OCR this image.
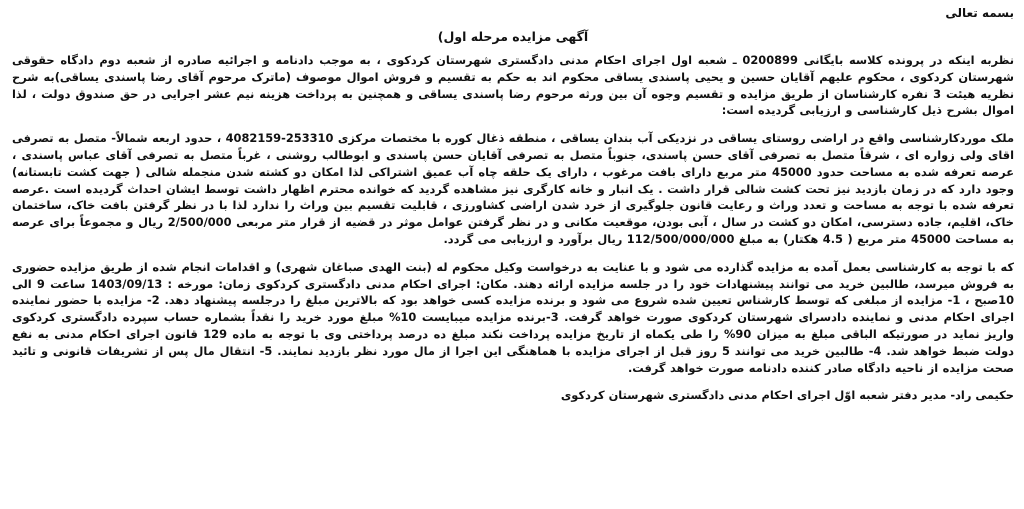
بسمه تعالی

آگهی مزایده مرحله اول)

نظربه اینکه در پرونده کلاسه بایگانی 0200899 ـ شعبه اول اجرای احکام مدنی دادگستری شهرستان کردکوی ، به موجب دادنامه و اجرائیه صادره از شعبه دوم دادگاه حقوقی شهرستان کردکوی ، محکوم علیهم آقایان حسین و یحیی پاسندی یساقی محکوم اند به حکم به تقسیم و فروش اموال موصوف (ماترک مرحوم آقای رضا پاسندی یساقی)به شرح نظریه هیئت 3 نفره کارشناسان از طریق مزایده و تقسیم وجوه آن بین ورثه مرحوم رضا پاسندی یساقی و همچنین به پرداخت هزینه نیم عشر اجرایی در حق صندوق دولت ، لذا اموال بشرح ذیل کارشناسی و ارزیابی گردیده است:

ملک موردکارشناسی واقع در اراضی روستای یساقی در نزدیکی آب بندان یساقی ، منطقه ذغال کوره با مختصات مرکزی 253310-4082159 ، حدود اربعه شمالاً- متصل به تصرفی اقای ولی زواره ای ، شرقاً متصل به تصرفی آقای حسن پاسندی، جنوباً متصل به تصرفی آقایان حسن پاسندی و ابوطالب روشنی ، غرباً متصل به تصرفی آقای عباس پاسندی ، عرصه تعرفه شده به مساحت حدود 45000 متر مربع دارای بافت مرغوب ، دارای یک حلقه چاه آب عمیق اشتراکی لذا امکان دو کشته شدن منجمله شالی ( جهت کشت تابستانه) وجود دارد که در زمان بازدید نیز تحت کشت شالی قرار داشت . یک انبار و خانه کارگری نیز مشاهده گردید که خوانده محترم اظهار داشت توسط ایشان احداث گردیده است .عرصه تعرفه شده با توجه به مساحت و تعدد وراث و رعایت قانون جلوگیری از خرد شدن اراضی کشاورزی ، قابلیت تقسیم بین وراث را ندارد لذا با در نظر گرفتن بافت خاک، ساختمان خاک، اقلیم، جاده دسترسی، امکان دو کشت در سال ، آبی بودن، موقعیت مکانی و در نظر گرفتن عوامل موثر در قضیه از قرار متر مربعی 2/500/000 ریال و مجموعاً برای عرصه به مساحت 45000 متر مربع ( 4.5 هکتار) به مبلغ 112/500/000/000 ریال برآورد و ارزیابی می گردد.

که با توجه به کارشناسی بعمل آمده به مزایده گذارده می شود و با عنایت به درخواست وکیل محکوم له (بنت الهدی صباغان شهری) و اقدامات انجام شده از طریق مزایده حضوری به فروش میرسد، طالبین خرید می توانند پیشنهادات خود را در جلسه مزایده ارائه دهند. مکان: اجرای احکام مدنی دادگستری کردکوی زمان: مورخه : 1403/09/13 ساعت 9 الی 10صبح ، 1- مزایده از مبلغی که توسط کارشناس تعیین شده شروع می شود و برنده مزایده کسی خواهد بود که بالاترین مبلغ را درجلسه پیشنهاد دهد. 2- مزایده با حضور نماینده اجرای احکام مدنی و نماینده دادسرای شهرستان کردکوی صورت خواهد گرفت. 3-برنده مزایده میبایست 10% مبلغ مورد خرید را نقداً بشماره حساب سپرده دادگستری کردکوی واریز نماید در صورتیکه الباقی مبلغ به میزان 90% را طی یکماه از تاریخ مزایده پرداخت نکند مبلغ ده درصد پرداختی وی با توجه به ماده 129 قانون اجرای احکام مدنی به نفع دولت ضبط خواهد شد. 4- طالبین خرید می توانند 5 روز قبل از اجرای مزایده با هماهنگی این اجرا از مال مورد نظر بازدید نمایند. 5- انتقال مال پس از تشریفات قانونی و تائید صحت مزایده از ناحیه دادگاه صادر کننده دادنامه صورت خواهد گرفت.

حکیمی راد- مدیر دفتر شعبه اوّل اجرای احکام مدنی دادگستری شهرستان کردکوی
